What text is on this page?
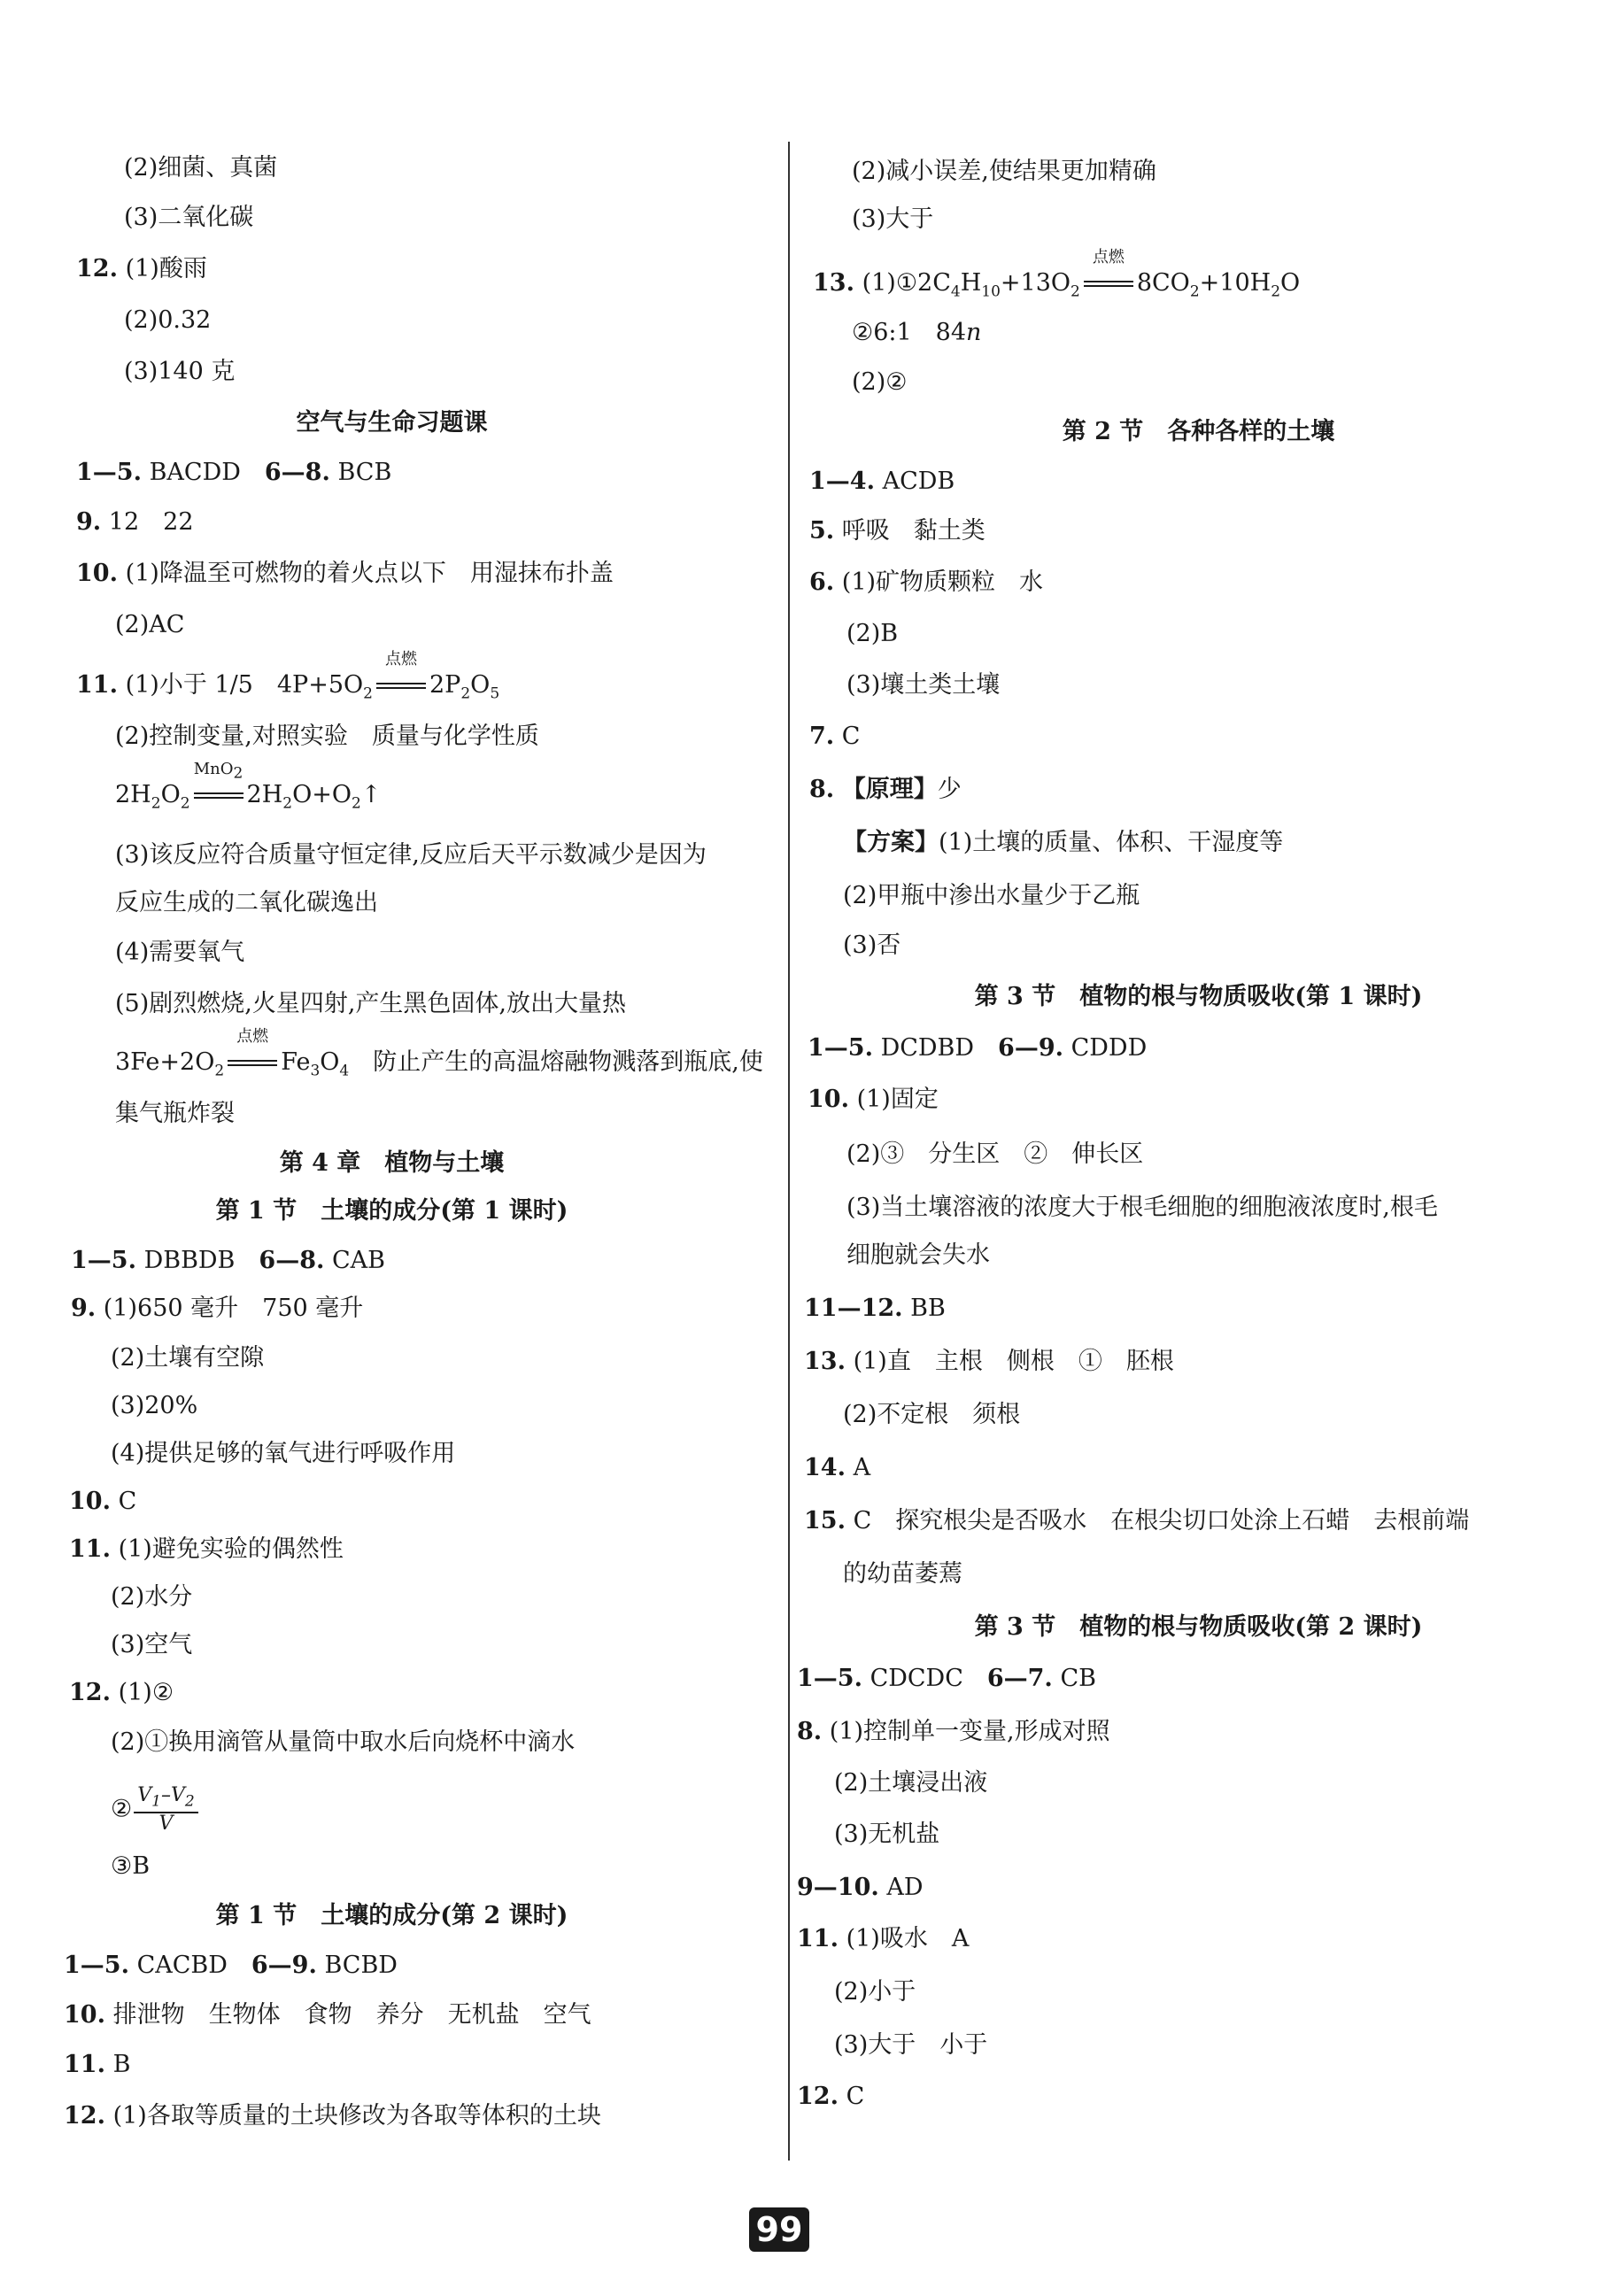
(2)细菌、真菌
(3)二氧化碳
12. (1)酸雨
(2)0.32
(3)140 克
空气与生命习题课
1—5. BACDD　 6—8. BCB
9. 12　22
10. (1)降温至可燃物的着火点以下　用湿抹布扑盖
(2)AC
11. (1)小于 1/5　$4P+5O_2$
点燃
$2P_2O_5$
(2)控制变量,对照实验　质量与化学性质
$2H_2O_2$
MnO$_2$
$2H_2O+O_2↑$
(3)该反应符合质量守恒定律,反应后天平示数减少是因为
反应生成的二氧化碳逸出
(4)需要氧气
(5)剧烈燃烧,火星四射,产生黑色固体,放出大量热
$3Fe+2O_2$
点燃
$Fe_3O_4$　 防止产生的高温熔融物溅落到瓶底,使
集气瓶炸裂
第 4 章　植物与土壤
第 1 节　土壤的成分(第 1 课时)
1—5. DBBDB　 6—8. CAB
9. (1)650 毫升　750 毫升
(2)土壤有空隙
(3)20%
(4)提供足够的氧气进行呼吸作用
10. C
11. (1)避免实验的偶然性
(2)水分
(3)空气
12. (1)②
(2)①换用滴管从量筒中取水后向烧杯中滴水
② $\frac{V_1-V_2}{V}$
③B
第 1 节　土壤的成分(第 2 课时)
1—5. CACBD　 6—9. BCBD
10. 排泄物　生物体　食物　养分　无机盐　空气
11. B
12. (1)各取等质量的土块修改为各取等体积的土块
(2)减小误差,使结果更加精确
(3)大于
13. $(1)①2C_4H_{10}+13O_2$
点燃
$8CO_2+10H_2O$
②6:1　84n
(2)②
第 2 节　各种各样的土壤
1—4. ACDB
5. 呼吸　黏土类
6. (1)矿物质颗粒　水
(2)B
(3)壤土类土壤
7. C
8. 【原理】少
【方案】(1)土壤的质量、体积、干湿度等
(2)甲瓶中渗出水量少于乙瓶
(3)否
第 3 节　植物的根与物质吸收(第 1 课时)
1—5. DCDBD　 6—9. CDDD
10. (1)固定
(2)③　分生区　②　伸长区
(3)当土壤溶液的浓度大于根毛细胞的细胞液浓度时,根毛
细胞就会失水
11—12. BB
13. (1)直　主根　侧根　①　胚根
(2)不定根　须根
14. A
15. C　探究根尖是否吸水　在根尖切口处涂上石蜡　去根前端
的幼苗萎蔫
第 3 节　植物的根与物质吸收(第 2 课时)
1—5. CDCDC　 6—7. CB
8. (1)控制单一变量,形成对照
(2)土壤浸出液
(3)无机盐
9—10. AD
11. (1)吸水　A
(2)小于
(3)大于　小于
12. C
99
